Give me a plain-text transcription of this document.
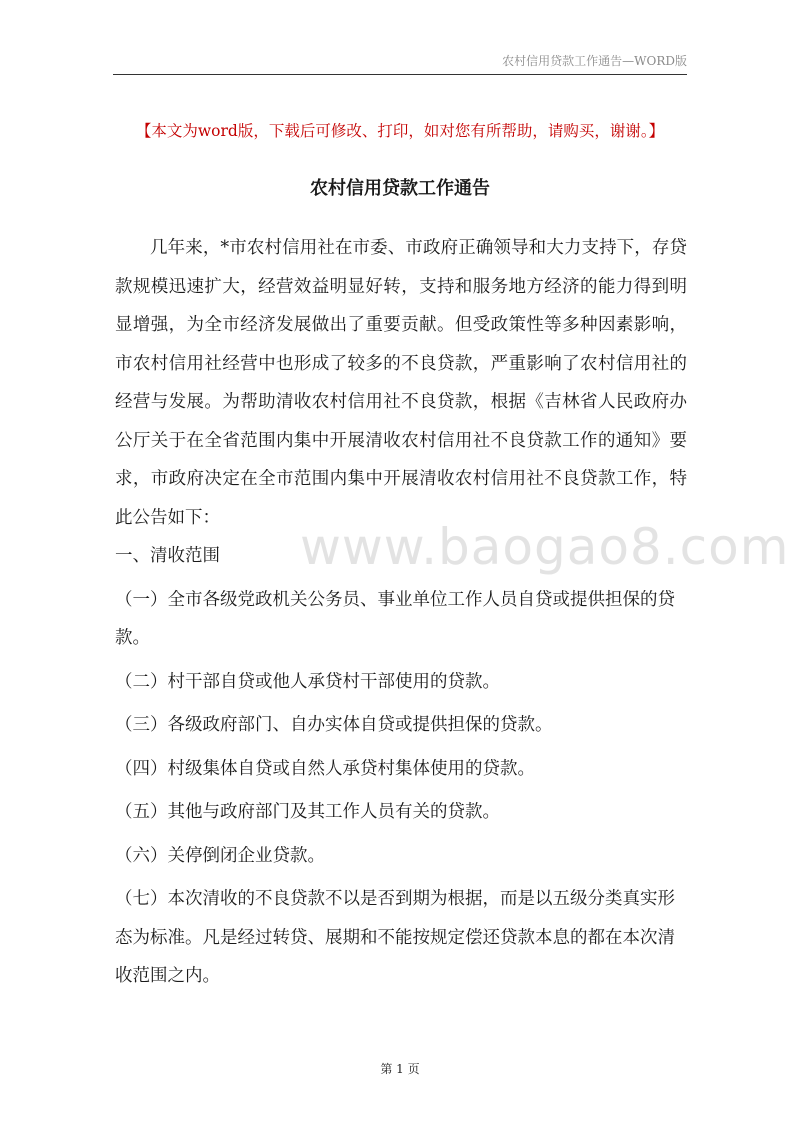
农村信用贷款工作通告—WORD版
【本文为word版，下载后可修改、打印，如对您有所帮助，请购买，谢谢。】
农村信用贷款工作通告
www.baogao8.com

几年来，*市农村信用社在市委、市政府正确领导和大力支持下，存贷款规模迅速扩大，经营效益明显好转，支持和服务地方经济的能力得到明显增强，为全市经济发展做出了重要贡献。但受政策性等多种因素影响，市农村信用社经营中也形成了较多的不良贷款，严重影响了农村信用社的经营与发展。为帮助清收农村信用社不良贷款，根据《吉林省人民政府办公厅关于在全省范围内集中开展清收农村信用社不良贷款工作的通知》要求，市政府决定在全市范围内集中开展清收农村信用社不良贷款工作，特此公告如下：

一、清收范围

（一）全市各级党政机关公务员、事业单位工作人员自贷或提供担保的贷款。

（二）村干部自贷或他人承贷村干部使用的贷款。

（三）各级政府部门、自办实体自贷或提供担保的贷款。

（四）村级集体自贷或自然人承贷村集体使用的贷款。

（五）其他与政府部门及其工作人员有关的贷款。

（六）关停倒闭企业贷款。

（七）本次清收的不良贷款不以是否到期为根据，而是以五级分类真实形态为标准。凡是经过转贷、展期和不能按规定偿还贷款本息的都在本次清收范围之内。

第 1 页
